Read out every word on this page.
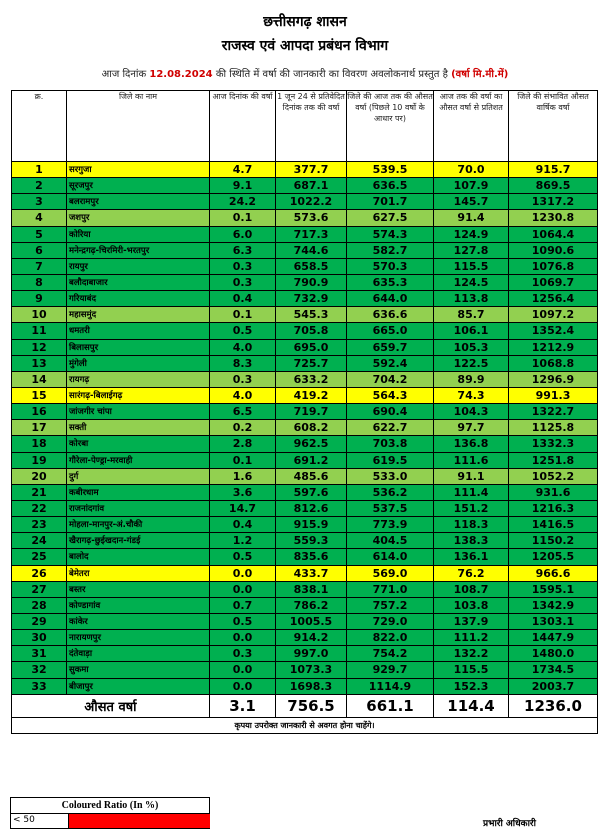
छत्तीसगढ़ शासन
राजस्व एवं आपदा प्रबंधन विभाग
आज दिनांक 12.08.2024 की स्थिति में वर्षा की जानकारी का विवरण अवलोकनार्थ प्रस्तुत है (वर्षा मि.मी.में)
क्र.	जिले का नाम	आज दिनांक की वर्षा	1 जून 24 से प्रतिवेदित दिनांक तक की वर्षा	जिले की आज तक की औसत वर्षा (पिछले 10 वर्षो के आधार पर)	आज तक की वर्षा का औसत वर्षा से प्रतिशत	जिले की संभावित औसत वार्षिक वर्षा
1	सरगुजा	4.7	377.7	539.5	70.0	915.7
2	सूरजपुर	9.1	687.1	636.5	107.9	869.5
3	बलरामपुर	24.2	1022.2	701.7	145.7	1317.2
4	जशपुर	0.1	573.6	627.5	91.4	1230.8
5	कोरिया	6.0	717.3	574.3	124.9	1064.4
6	मनेन्द्रगढ़-चिरमिरी-भरतपुर	6.3	744.6	582.7	127.8	1090.6
7	रायपुर	0.3	658.5	570.3	115.5	1076.8
8	बलौदाबाजार	0.3	790.9	635.3	124.5	1069.7
9	गरियाबंद	0.4	732.9	644.0	113.8	1256.4
10	महासमुंद	0.1	545.3	636.6	85.7	1097.2
11	धमतरी	0.5	705.8	665.0	106.1	1352.4
12	बिलासपुर	4.0	695.0	659.7	105.3	1212.9
13	मुंगेली	8.3	725.7	592.4	122.5	1068.8
14	रायगढ़	0.3	633.2	704.2	89.9	1296.9
15	सारंगढ़-बिलाईगढ़	4.0	419.2	564.3	74.3	991.3
16	जांजगीर चांपा	6.5	719.7	690.4	104.3	1322.7
17	सक्ती	0.2	608.2	622.7	97.7	1125.8
18	कोरबा	2.8	962.5	703.8	136.8	1332.3
19	गौरेला-पेण्ड्रा-मरवाही	0.1	691.2	619.5	111.6	1251.8
20	दुर्ग	1.6	485.6	533.0	91.1	1052.2
21	कबीरधाम	3.6	597.6	536.2	111.4	931.6
22	राजनांदगांव	14.7	812.6	537.5	151.2	1216.3
23	मोहला-मानपुर-अं.चौकी	0.4	915.9	773.9	118.3	1416.5
24	खैरागढ़-छुईखदान-गंडई	1.2	559.3	404.5	138.3	1150.2
25	बालोद	0.5	835.6	614.0	136.1	1205.5
26	बेमेतरा	0.0	433.7	569.0	76.2	966.6
27	बस्तर	0.0	838.1	771.0	108.7	1595.1
28	कोण्डागांव	0.7	786.2	757.2	103.8	1342.9
29	कांकेर	0.5	1005.5	729.0	137.9	1303.1
30	नारायणपुर	0.0	914.2	822.0	111.2	1447.9
31	दंतेवाड़ा	0.3	997.0	754.2	132.2	1480.0
32	सुकमा	0.0	1073.3	929.7	115.5	1734.5
33	बीजापुर	0.0	1698.3	1114.9	152.3	2003.7
औसत वर्षा		3.1	756.5	661.1	114.4	1236.0
कृपया उपरोक्त जानकारी से अवगत होना चाहेंगे।						
Coloured Ratio (In %)
< 50	प्रभारी अधिकारी
